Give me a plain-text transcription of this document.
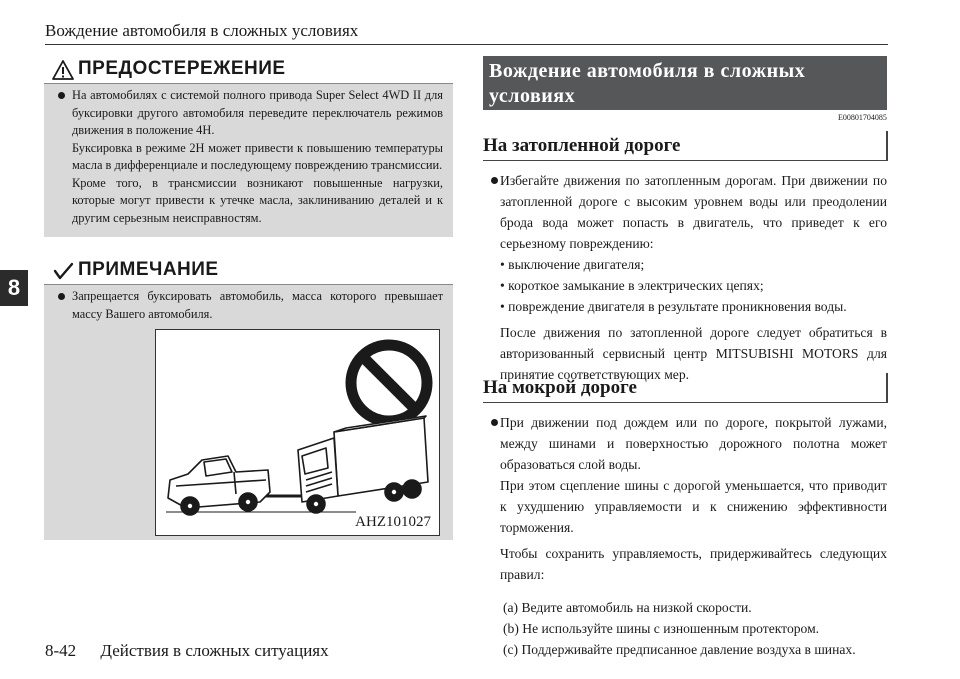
Вождение автомобиля в сложных условиях
8
ПРЕДОСТЕРЕЖЕНИЕ

На автомобилях с системой полного привода Super Select 4WD II для буксировки другого автомобиля переведите переключатель режимов движения в положение 4H.

Буксировка в режиме 2H может привести к повышению температуры масла в дифференциале и последующему повреждению трансмиссии.

Кроме того, в трансмиссии возникают повышенные нагрузки, которые могут привести к утечке масла, заклиниванию деталей и к другим серьезным неисправностям.

ПРИМЕЧАНИЕ

Запрещается буксировать автомобиль, масса которого превышает массу Вашего автомобиля.

AHZ101027
Вождение автомобиля в сложных
условиях
E00801704085
На затопленной дороге

Избегайте движения по затопленным дорогам. При движении по затопленной дороге с высоким уровнем воды или преодолении брода вода может попасть в двигатель, что приведет к его серьезному повреждению:

• выключение двигателя;

• короткое замыкание в электрических цепях;

• повреждение двигателя в результате проникновения воды.

После движения по затопленной дороге следует обратиться в авторизованный сервисный центр MITSUBISHI MOTORS для принятие соответствующих мер.

На мокрой дороге

При движении под дождем или по дороге, покрытой лужами, между шинами и поверхностью дорожного полотна может образоваться слой воды.

При этом сцепление шины с дорогой уменьшается, что приводит к ухудшению управляемости и к снижению эффективности торможения.

Чтобы сохранить управляемость, придерживайтесь следующих правил:

(a) Ведите автомобиль на низкой скорости.

(b) Не используйте шины с изношенным протектором.

(c) Поддерживайте предписанное давление воздуха в шинах.

8-42 Действия в сложных ситуациях
